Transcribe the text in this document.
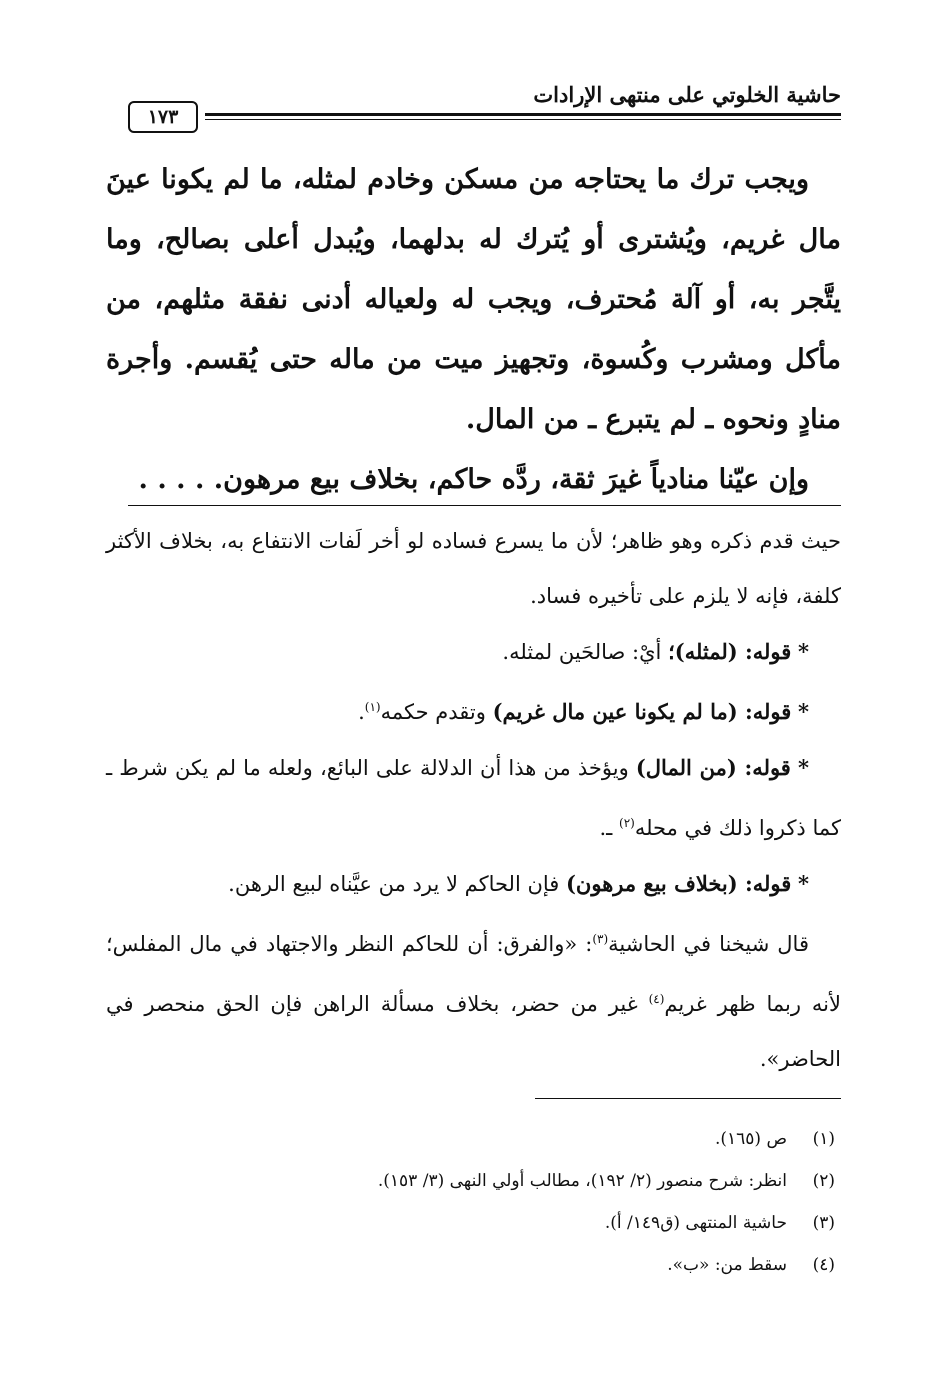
حاشية الخلوتي على منتهى الإرادات
١٧٣

ويجب ترك ما يحتاجه من مسكن وخادم لمثله، ما لم يكونا عينَ مال غريم، ويُشترى أو يُترك له بدلهما، ويُبدل أعلى بصالح، وما يتَّجر به، أو آلة مُحترف، ويجب له ولعياله أدنى نفقة مثلهم، من مأكل ومشرب وكُسوة، وتجهيز ميت من ماله حتى يُقسم. وأجرة منادٍ ونحوه ـ لم يتبرع ـ من المال.

وإن عيّنا منادياً غيرَ ثقة، ردَّه حاكم، بخلاف بيع مرهون. . . . .

حيث قدم ذكره وهو ظاهر؛ لأن ما يسرع فساده لو أخر لَفات الانتفاع به، بخلاف الأكثر كلفة، فإنه لا يلزم على تأخيره فساد.

* قوله: (لمثله)؛ أيْ: صالحَين لمثله.

* قوله: (ما لم يكونا عين مال غريم) وتقدم حكمه$^{(١)}$.

* قوله: (من المال) ويؤخذ من هذا أن الدلالة على البائع، ولعله ما لم يكن شرط ـ كما ذكروا ذلك في محله$^{(٢)}$ ـ.

* قوله: (بخلاف بيع مرهون) فإن الحاكم لا يرد من عيَّناه لبيع الرهن.

قال شيخنا في الحاشية$^{(٣)}$: «والفرق: أن للحاكم النظر والاجتهاد في مال المفلس؛ لأنه ربما ظهر غريم$^{(٤)}$ غير من حضر، بخلاف مسألة الراهن فإن الحق منحصر في الحاضر».

(١)
ص (١٦٥).
(٢)
انظر: شرح منصور (٢/ ١٩٢)، مطالب أولي النهى (٣/ ١٥٣).
(٣)
حاشية المنتهى (ق١٤٩/ أ).
(٤)
سقط من: «ب».
